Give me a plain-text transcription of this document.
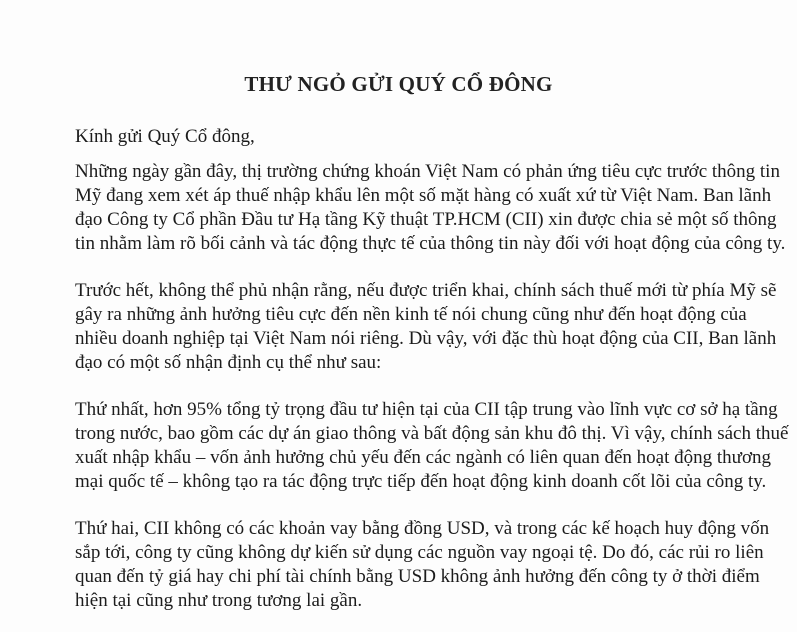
THƯ NGỎ GỬI QUÝ CỔ ĐÔNG
Kính gửi Quý Cổ đông,
Những ngày gần đây, thị trường chứng khoán Việt Nam có phản ứng tiêu cực trước thông tin
Mỹ đang xem xét áp thuế nhập khẩu lên một số mặt hàng có xuất xứ từ Việt Nam. Ban lãnh
đạo Công ty Cổ phần Đầu tư Hạ tầng Kỹ thuật TP.HCM (CII) xin được chia sẻ một số thông
tin nhằm làm rõ bối cảnh và tác động thực tế của thông tin này đối với hoạt động của công ty.
Trước hết, không thể phủ nhận rằng, nếu được triển khai, chính sách thuế mới từ phía Mỹ sẽ
gây ra những ảnh hưởng tiêu cực đến nền kinh tế nói chung cũng như đến hoạt động của
nhiều doanh nghiệp tại Việt Nam nói riêng. Dù vậy, với đặc thù hoạt động của CII, Ban lãnh
đạo có một số nhận định cụ thể như sau:
Thứ nhất, hơn 95% tổng tỷ trọng đầu tư hiện tại của CII tập trung vào lĩnh vực cơ sở hạ tầng
trong nước, bao gồm các dự án giao thông và bất động sản khu đô thị. Vì vậy, chính sách thuế
xuất nhập khẩu – vốn ảnh hưởng chủ yếu đến các ngành có liên quan đến hoạt động thương
mại quốc tế – không tạo ra tác động trực tiếp đến hoạt động kinh doanh cốt lõi của công ty.
Thứ hai, CII không có các khoản vay bằng đồng USD, và trong các kế hoạch huy động vốn
sắp tới, công ty cũng không dự kiến sử dụng các nguồn vay ngoại tệ. Do đó, các rủi ro liên
quan đến tỷ giá hay chi phí tài chính bằng USD không ảnh hưởng đến công ty ở thời điểm
hiện tại cũng như trong tương lai gần.
